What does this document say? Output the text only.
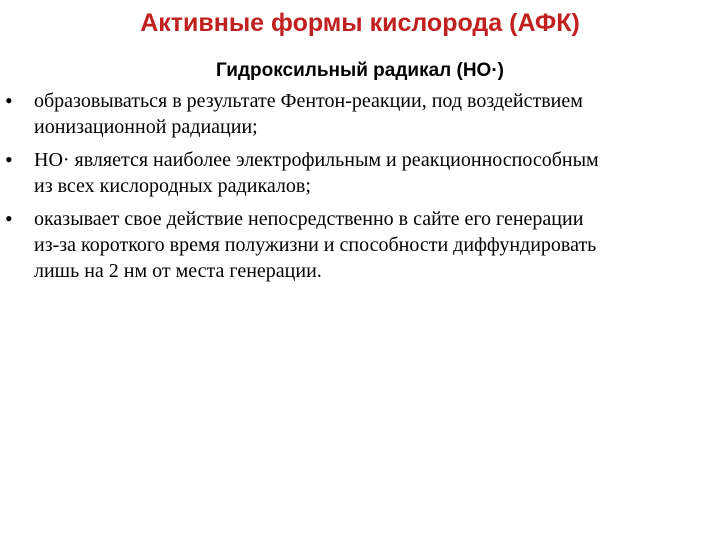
Активные формы кислорода (АФК)
Гидроксильный радикал (НО·)
• образовываться в результате Фентон-реакции, под воздействием
ионизационной радиации;
• НО· является наиболее электрофильным и реакционноспособным
из всех кислородных радикалов;
• оказывает свое действие непосредственно в сайте его генерации
из-за короткого время полужизни и способности диффундировать
лишь на 2 нм от места генерации.
